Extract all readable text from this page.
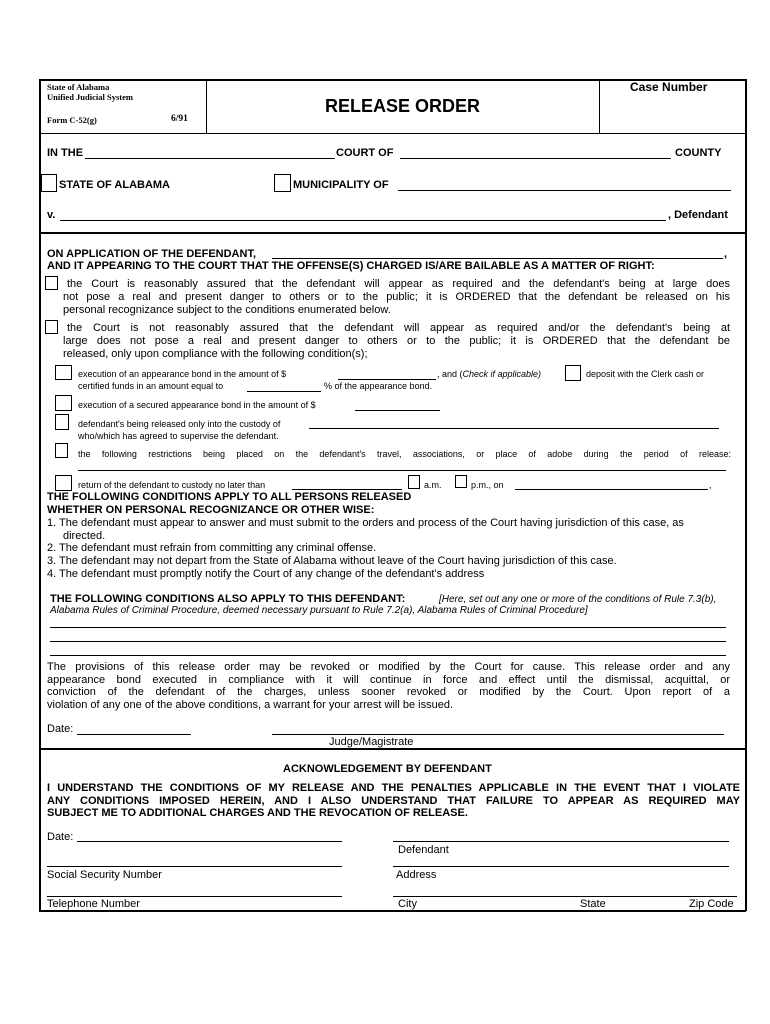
State of Alabama
Unified Judicial System
Form C-52(g)	6/91
RELEASE ORDER
Case Number
IN THE	COURT OF	COUNTY
STATE OF ALABAMA	MUNICIPALITY OF
v.	, Defendant
ON APPLICATION OF THE DEFENDANT,	,
AND IT APPEARING TO THE COURT THAT THE OFFENSE(S) CHARGED IS/ARE BAILABLE AS A MATTER OF RIGHT:
the Court is reasonably assured that the defendant will appear as required and the defendant's being at large does
not pose a real and present danger to others or to the public; it is ORDERED that the defendant be released on his
personal recognizance subject to the conditions enumerated below.
the Court is not reasonably assured that the defendant will appear as required and/or the defendant's being at
large does not pose a real and present danger to others or to the public; it is ORDERED that the defendant be
released, only upon compliance with the following condition(s);
execution of an appearance bond in the amount of $	, and (Check if applicable)	deposit with the Clerk cash or
certified funds in an amount equal to	% of the appearance bond.
execution of a secured appearance bond in the amount of $
defendant's being released only into the custody of
who/which has agreed to supervise the defendant.
the following restrictions being placed on the defendant's travel, associations, or place of adobe during the period of release:
return of the defendant to custody no later than	a.m.	p.m., on	,
THE FOLLOWING CONDITIONS APPLY TO ALL PERSONS RELEASED
WHETHER ON PERSONAL RECOGNIZANCE OR OTHER WISE:
1. The defendant must appear to answer and must submit to the orders and process of the Court having jurisdiction of this case, as
directed.
2. The defendant must refrain from committing any criminal offense.
3. The defendant may not depart from the State of Alabama without leave of the Court having jurisdiction of this case.
4. The defendant must promptly notify the Court of any change of the defendant's address
THE FOLLOWING CONDITIONS ALSO APPLY TO THIS DEFENDANT:	[Here, set out any one or more of the conditions of Rule 7.3(b),
Alabama Rules of Criminal Procedure, deemed necessary pursuant to Rule 7.2(a), Alabama Rules of Criminal Procedure]
The provisions of this release order may be revoked or modified by the Court for cause. This release order and any
appearance bond executed in compliance with it will continue in force and effect until the dismissal, acquittal, or
conviction of the defendant of the charges, unless sooner revoked or modified by the Court. Upon report of a
violation of any one of the above conditions, a warrant for your arrest will be issued.
Date:
Judge/Magistrate
ACKNOWLEDGEMENT BY DEFENDANT
I UNDERSTAND THE CONDITIONS OF MY RELEASE AND THE PENALTIES APPLICABLE IN THE EVENT THAT I VIOLATE
ANY CONDITIONS IMPOSED HEREIN, AND I ALSO UNDERSTAND THAT FAILURE TO APPEAR AS REQUIRED MAY
SUBJECT ME TO ADDITIONAL CHARGES AND THE REVOCATION OF RELEASE.
Date:
Defendant
Social Security Number	Address
Telephone Number	City	State	Zip Code
